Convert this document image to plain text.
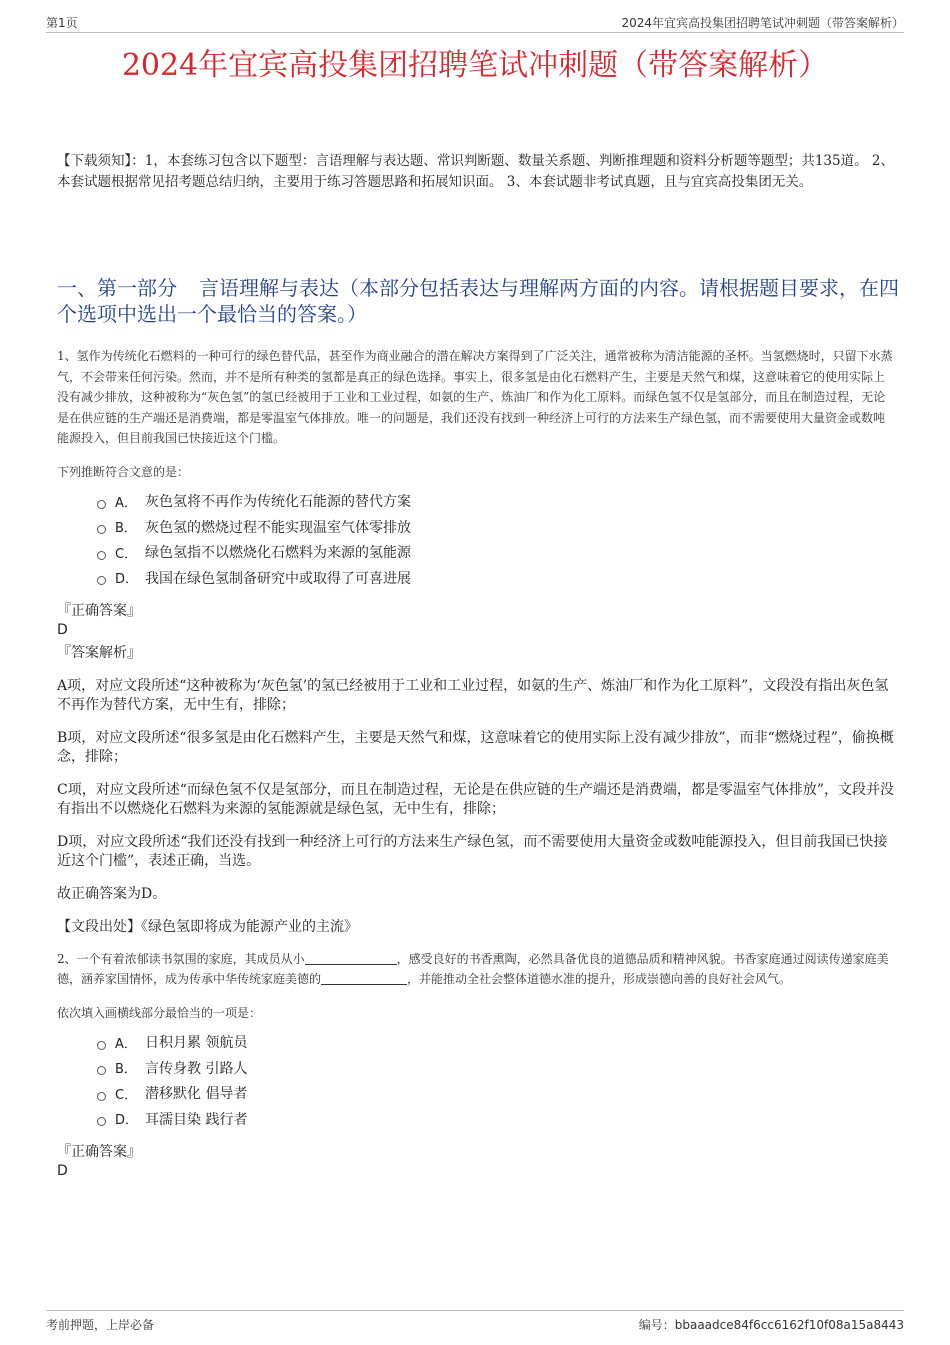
第1页	2024年宜宾高投集团招聘笔试冲刺题（带答案解析）
2024年宜宾高投集团招聘笔试冲刺题（带答案解析）

【下载须知】：1，本套练习包含以下题型：言语理解与表达题、常识判断题、数量关系题、判断推理题和资料分析题等题型；共135道。 2、本套试题根据常见招考题总结归纳，主要用于练习答题思路和拓展知识面。 3、本套试题非考试真题，且与宜宾高投集团无关。

一、第一部分 言语理解与表达（本部分包括表达与理解两方面的内容。请根据题目要求，在四个选项中选出一个最恰当的答案。）

1、氢作为传统化石燃料的一种可行的绿色替代品，甚至作为商业融合的潜在解决方案得到了广泛关注，通常被称为清洁能源的圣杯。当氢燃烧时，只留下水蒸气，不会带来任何污染。然而，并不是所有种类的氢都是真正的绿色选择。事实上，很多氢是由化石燃料产生，主要是天然气和煤，这意味着它的使用实际上没有减少排放，这种被称为“灰色氢”的氢已经被用于工业和工业过程，如氨的生产、炼油厂和作为化工原料。而绿色氢不仅是氢部分，而且在制造过程，无论是在供应链的生产端还是消费端，都是零温室气体排放。唯一的问题是，我们还没有找到一种经济上可行的方法来生产绿色氢，而不需要使用大量资金或数吨能源投入，但目前我国已快接近这个门槛。

下列推断符合文意的是：

A． 灰色氢将不再作为传统化石能源的替代方案
B． 灰色氢的燃烧过程不能实现温室气体零排放
C． 绿色氢指不以燃烧化石燃料为来源的氢能源
D． 我国在绿色氢制备研究中或取得了可喜进展

『正确答案』

D

『答案解析』

A项，对应文段所述“这种被称为‘灰色氢’的氢已经被用于工业和工业过程，如氨的生产、炼油厂和作为化工原料”，文段没有指出灰色氢不再作为替代方案，无中生有，排除；

B项，对应文段所述“很多氢是由化石燃料产生，主要是天然气和煤，这意味着它的使用实际上没有减少排放”，而非“燃烧过程”，偷换概念，排除；

C项，对应文段所述“而绿色氢不仅是氢部分，而且在制造过程，无论是在供应链的生产端还是消费端，都是零温室气体排放”，文段并没有指出不以燃烧化石燃料为来源的氢能源就是绿色氢，无中生有，排除；

D项，对应文段所述“我们还没有找到一种经济上可行的方法来生产绿色氢，而不需要使用大量资金或数吨能源投入，但目前我国已快接近这个门槛”，表述正确，当选。

故正确答案为D。

【文段出处】《绿色氢即将成为能源产业的主流》

2、一个有着浓郁读书氛围的家庭，其成员从小	，感受良好的书香熏陶，必然具备优良的道德品质和精神风貌。书香家庭通过阅读传递家庭美德，涵养家国情怀，成为传承中华传统家庭美德的	，并能推动全社会整体道德水准的提升，形成崇德向善的良好社会风气。

依次填入画横线部分最恰当的一项是：

A． 日积月累 领航员
B． 言传身教 引路人
C． 潜移默化 倡导者
D． 耳濡目染 践行者

『正确答案』

D

考前押题，上岸必备	编号：bbaaadce84f6cc6162f10f08a15a8443
